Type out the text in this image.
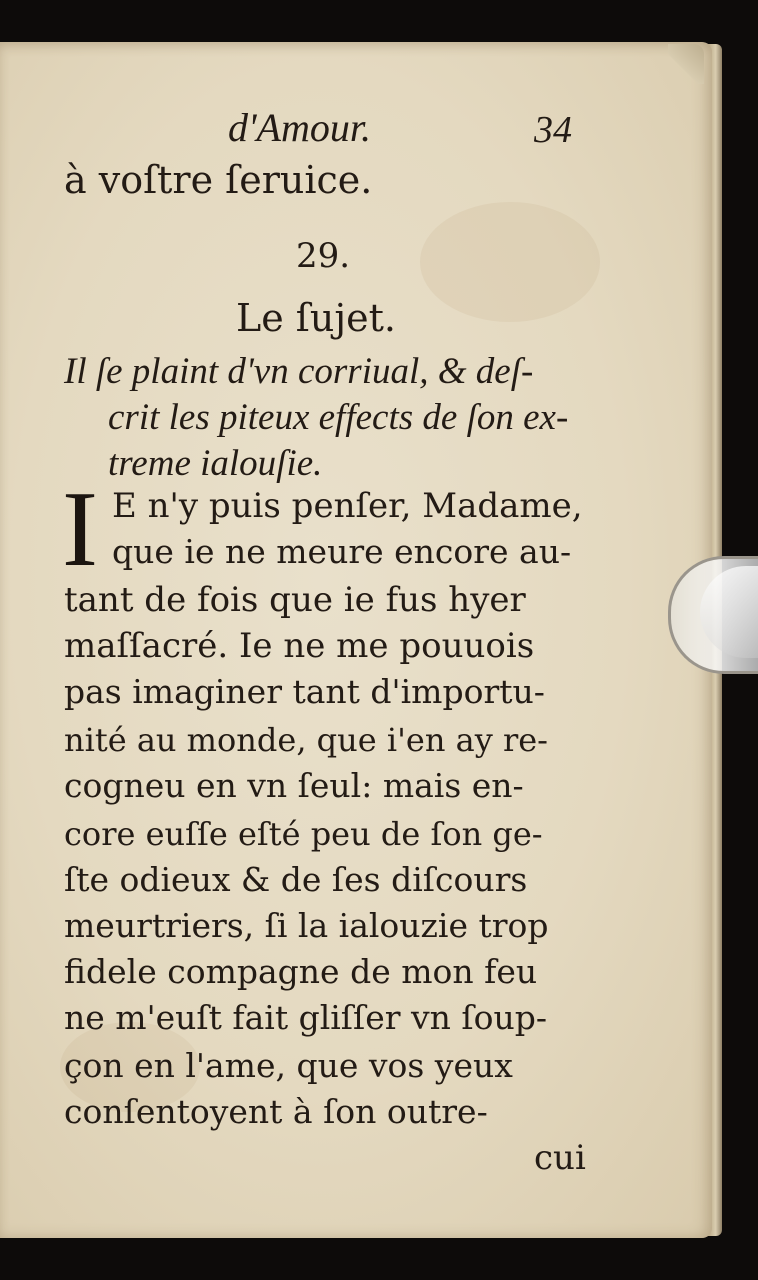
d'Amour.	34
à voſtre ſeruice.
29.
Le ſujet.
Il ſe plaint d'vn corriual, & deſ-
crit les piteux effects de ſon ex-
treme ialouſie.
I E n'y puis penſer, Madame,
que ie ne meure encore au-
tant de fois que ie fus hyer
maſſacré. Ie ne me pouuois
pas imaginer tant d'importu-
nité au monde, que i'en ay re-
cogneu en vn ſeul: mais en-
core euſſe eſté peu de ſon ge-
ſte odieux & de ſes diſcours
meurtriers, ſi la ialouzie trop
fidele compagne de mon feu
ne m'euſt fait gliſſer vn ſoup-
çon en l'ame, que vos yeux
conſentoyent à ſon outre-
cui
